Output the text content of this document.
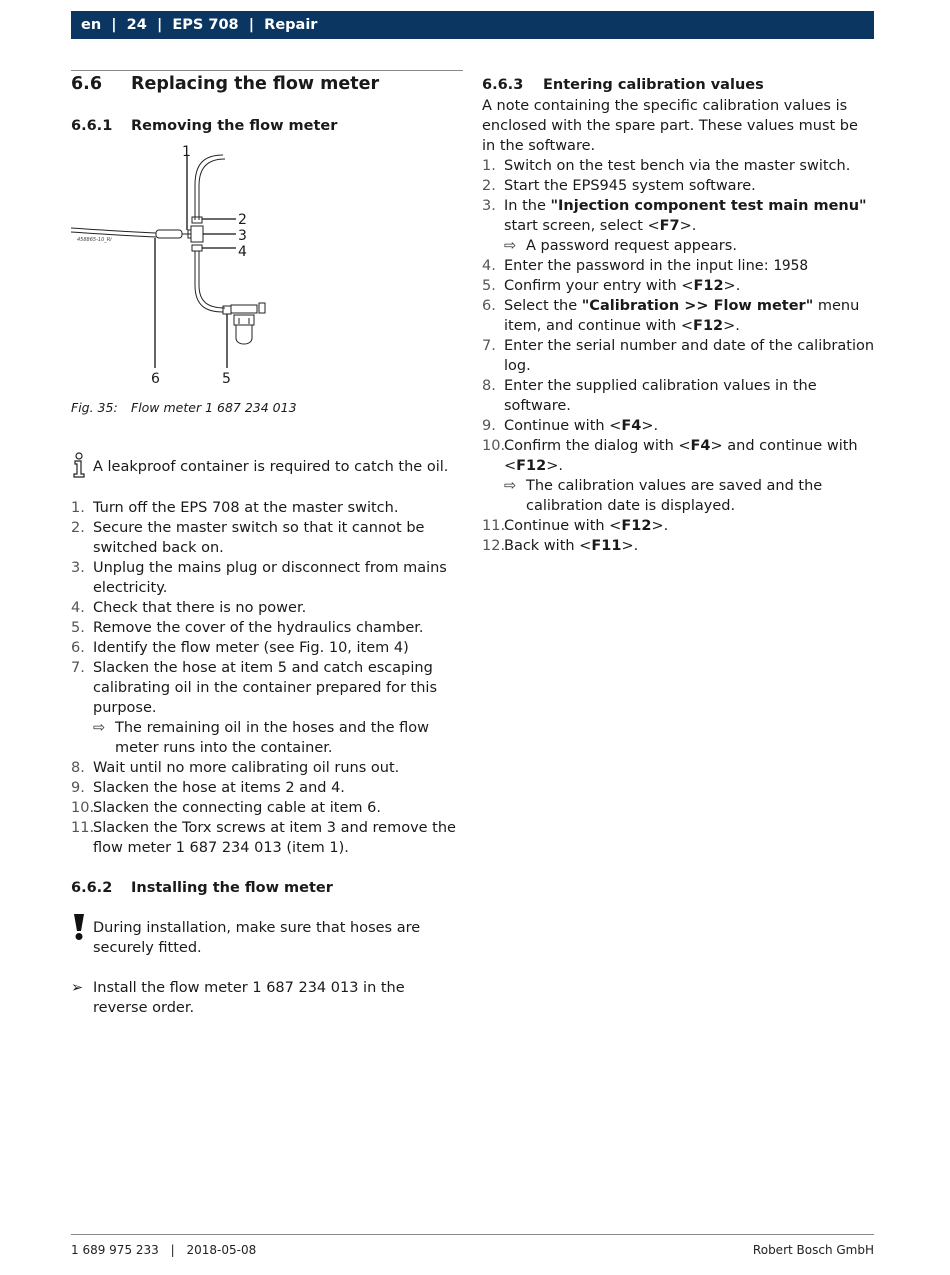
en | 24 | EPS 708 | Repair
6.6 Replacing the flow meter
6.6.1 Removing the flow meter
458865-10_Ri
1
2
3
4
5
6
Fig. 35: Flow meter 1 687 234 013
A leakproof container is required to catch the oil.
1. Turn off the EPS 708 at the master switch.
2. Secure the master switch so that it cannot be switched back on.
3. Unplug the mains plug or disconnect from mains electricity.
4. Check that there is no power.
5. Remove the cover of the hydraulics chamber.
6. Identify the flow meter (see Fig. 10, item 4)
7. Slacken the hose at item 5 and catch escaping calibrating oil in the container prepared for this purpose.
⇨ The remaining oil in the hoses and the flow meter runs into the container.
8. Wait until no more calibrating oil runs out.
9. Slacken the hose at items 2 and 4.
10.
Slacken the connecting cable at item 6.
11.
Slacken the Torx screws at item 3 and remove the flow meter 1 687 234 013 (item 1).
6.6.2 Installing the flow meter
During installation, make sure that hoses are securely fitted.
➢ Install the flow meter 1 687 234 013 in the reverse order.
6.6.3 Entering calibration values
A note containing the specific calibration values is enclosed with the spare part. These values must be in the software.
1. Switch on the test bench via the master switch.
2. Start the EPS945 system software.
3. In the "Injection component test main menu" start screen, select <F7>.
⇨ A password request appears.
4. Enter the password in the input line: 1958
5. Confirm your entry with <F12>.
6. Select the "Calibration >> Flow meter" menu item, and continue with <F12>.
7. Enter the serial number and date of the calibration log.
8. Enter the supplied calibration values in the software.
9. Continue with <F4>.
10.
Confirm the dialog with <F4> and continue with <F12>.
⇨ The calibration values are saved and the calibration date is displayed.
11.
Continue with <F12>.
12.
Back with <F11>.
1 689 975 233 | 2018-05-08	Robert Bosch GmbH
